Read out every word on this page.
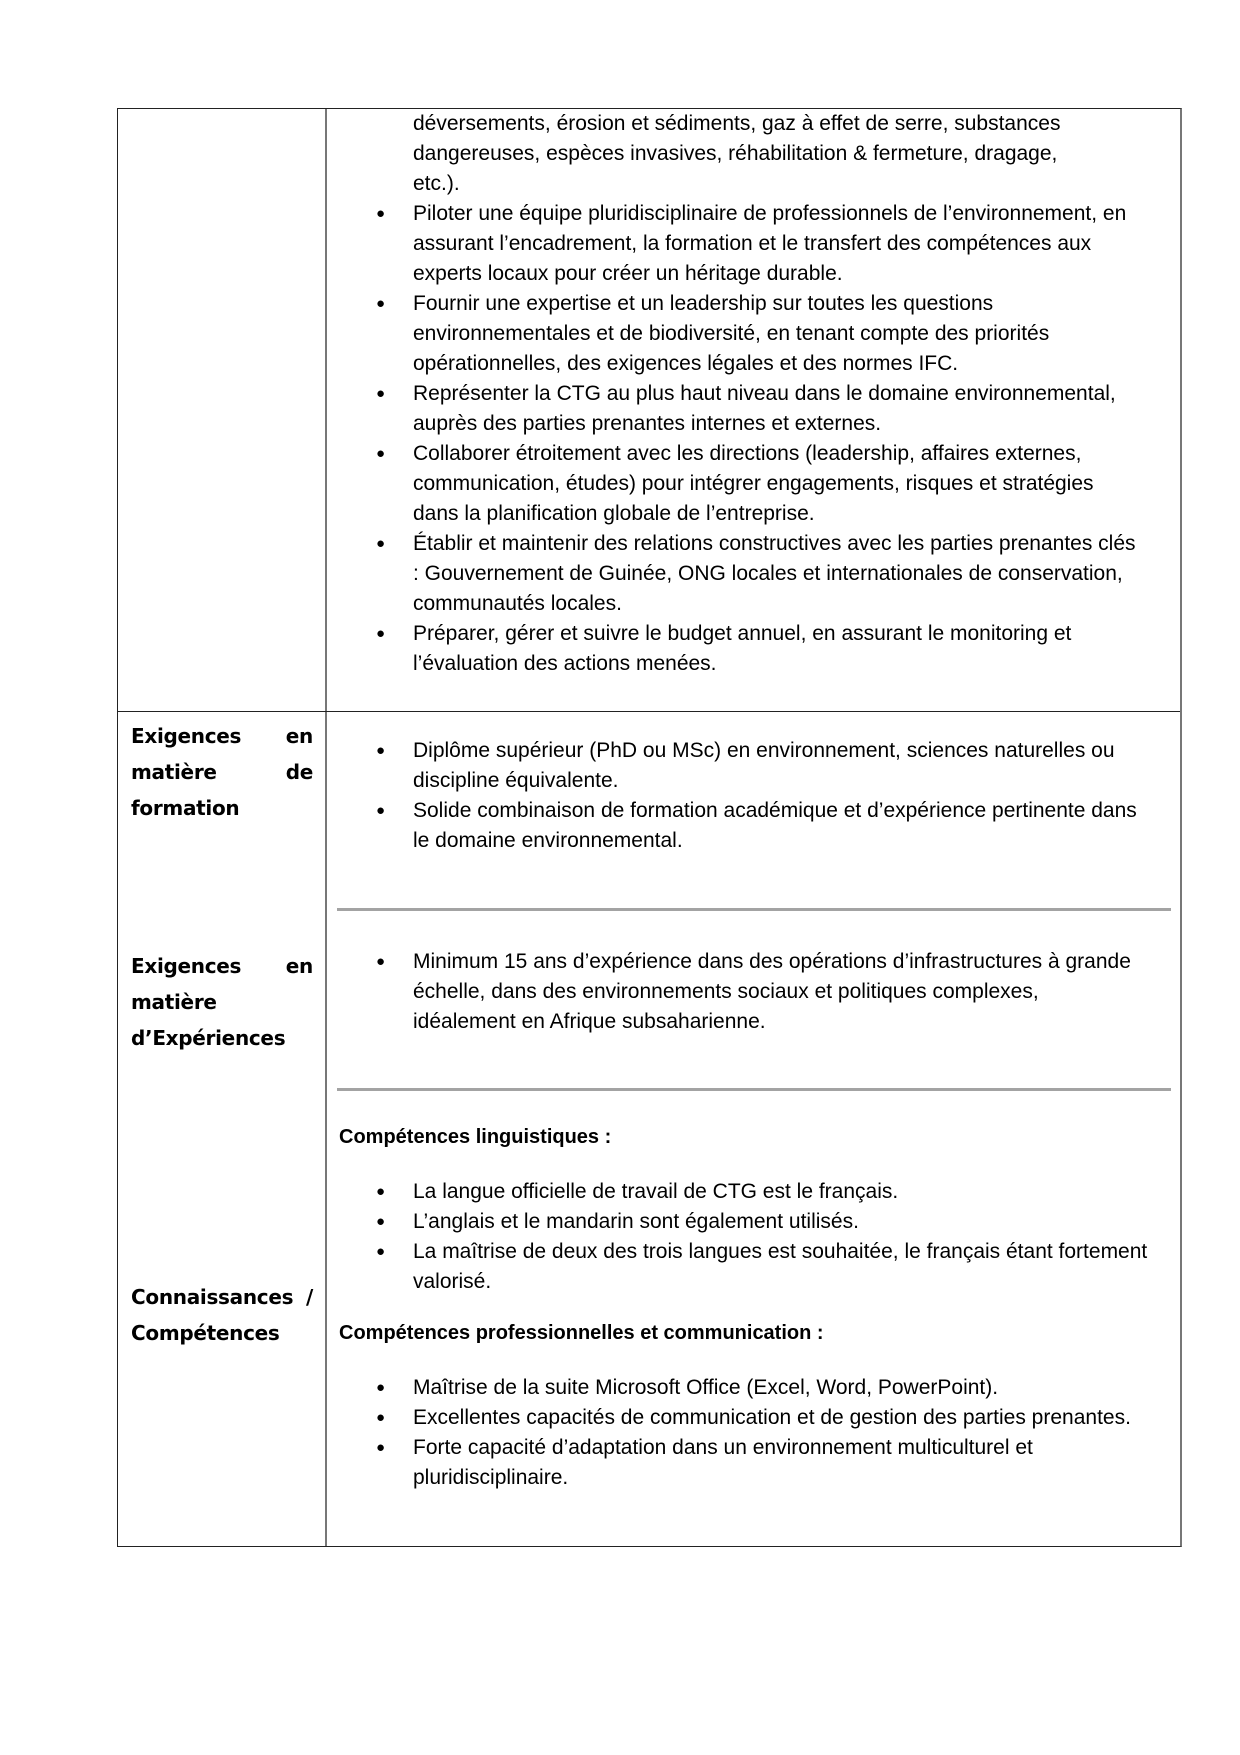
déversements, érosion et sédiments, gaz à effet de serre, substances
dangereuses, espèces invasives, réhabilitation & fermeture, dragage,
etc.).
● Piloter une équipe pluridisciplinaire de professionnels de l’environnement, en assurant l’encadrement, la formation et le transfert des compétences aux experts locaux pour créer un héritage durable.
● Fournir une expertise et un leadership sur toutes les questions environnementales et de biodiversité, en tenant compte des priorités opérationnelles, des exigences légales et des normes IFC.
● Représenter la CTG au plus haut niveau dans le domaine environnemental, auprès des parties prenantes internes et externes.
● Collaborer étroitement avec les directions (leadership, affaires externes, communication, études) pour intégrer engagements, risques et stratégies dans la planification globale de l’entreprise.
● Établir et maintenir des relations constructives avec les parties prenantes clés : Gouvernement de Guinée, ONG locales et internationales de conservation, communautés locales.
● Préparer, gérer et suivre le budget annuel, en assurant le monitoring et l’évaluation des actions menées.
Exigences en
matière	de
formation
Exigences en
matière
d’Expériences
Connaissances /
Compétences
● Diplôme supérieur (PhD ou MSc) en environnement, sciences naturelles ou discipline équivalente.
● Solide combinaison de formation académique et d’expérience pertinente dans le domaine environnemental.
● Minimum 15 ans d’expérience dans des opérations d’infrastructures à grande échelle, dans des environnements sociaux et politiques complexes, idéalement en Afrique subsaharienne.
Compétences linguistiques :
● La langue officielle de travail de CTG est le français.
● L’anglais et le mandarin sont également utilisés.
● La maîtrise de deux des trois langues est souhaitée, le français étant fortement valorisé.
Compétences professionnelles et communication :
● Maîtrise de la suite Microsoft Office (Excel, Word, PowerPoint).
● Excellentes capacités de communication et de gestion des parties prenantes.
● Forte capacité d’adaptation dans un environnement multiculturel et pluridisciplinaire.
